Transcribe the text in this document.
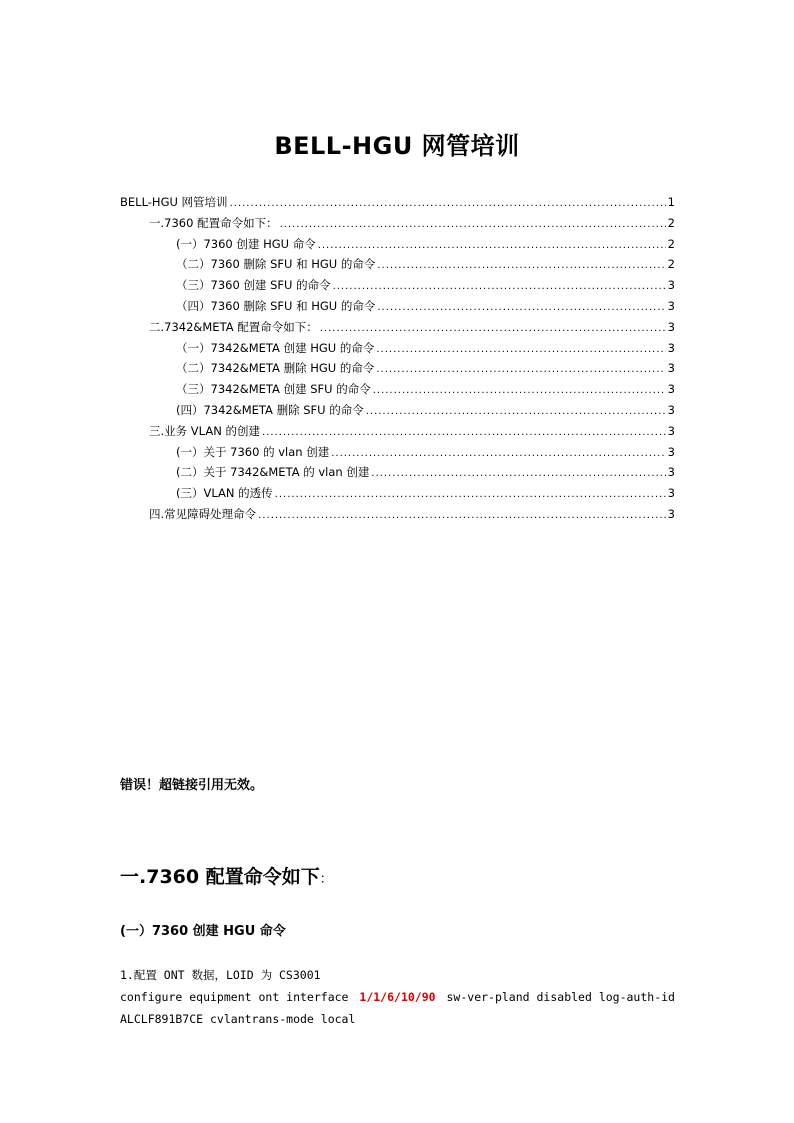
BELL-HGU 网管培训
BELL-HGU 网管培训 .....	1
一.7360 配置命令如下： .....	2
(一）7360 创建 HGU 命令 .....	2
（二）7360 删除 SFU 和 HGU 的命令 .....	2
（三）7360 创建 SFU 的命令 .....	3
（四）7360 删除 SFU 和 HGU 的命令 .....	3
二.7342&META 配置命令如下： .....	3
（一）7342&META 创建 HGU 的命令 .....	3
（二）7342&META 删除 HGU 的命令 .....	3
（三）7342&META 创建 SFU 的命令 .....	3
(四）7342&META 删除 SFU 的命令 .....	3
三.业务 VLAN 的创建 .....	3
(一）关于 7360 的 vlan 创建 .....	3
(二）关于 7342&META 的 vlan 创建 .....	3
(三）VLAN 的透传 .....	3
四.常见障碍处理命令 .....	3
错误！超链接引用无效。
一.7360 配置命令如下：
(一）7360 创建 HGU 命令
1.配置 ONT 数据，LOID 为 CS3001
configure equipment ont interface 1/1/6/10/90 sw-ver-pland disabled log-auth-id
ALCLF891B7CE cvlantrans-mode local
